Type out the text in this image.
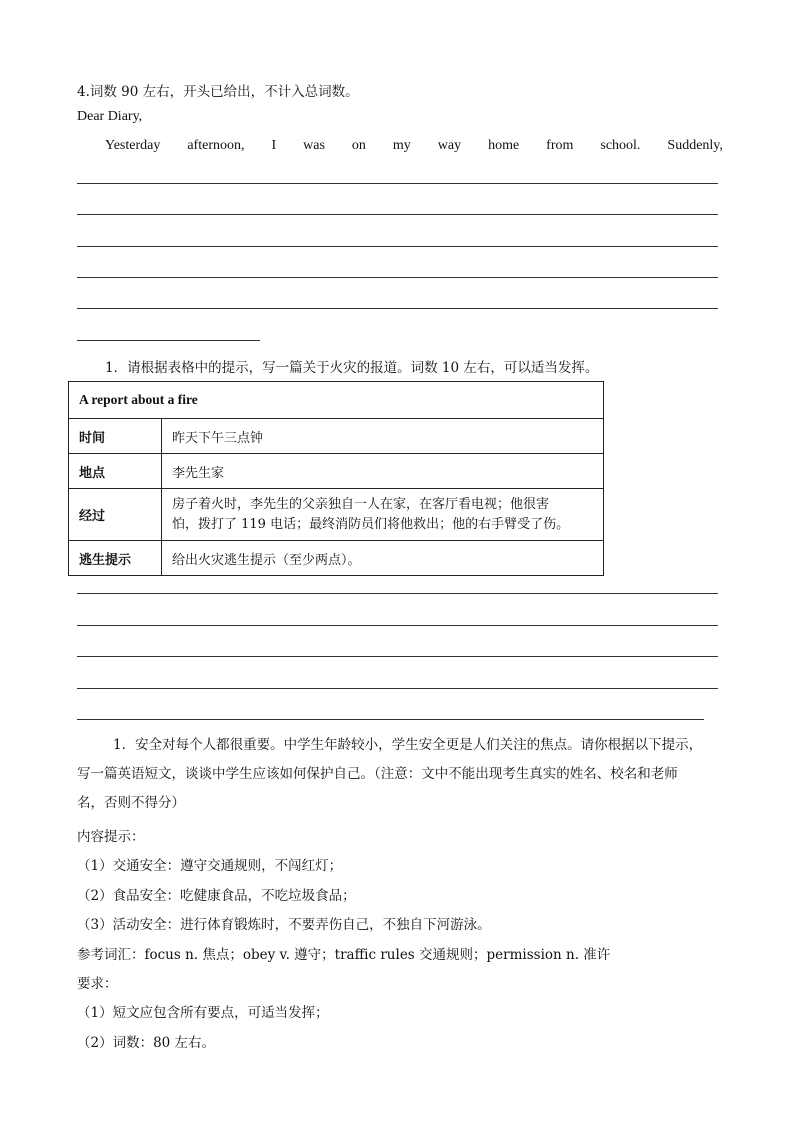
4.词数 90 左右，开头已给出，不计入总词数。
Dear Diary,
Yesterday afternoon, I was on my way home from school. Suddenly,
1．请根据表格中的提示，写一篇关于火灾的报道。词数 10 左右，可以适当发挥。
A report about a fire	
时间	昨天下午三点钟
地点	李先生家
经过	房子着火时，李先生的父亲独自一人在家，在客厅看电视；他很害
怕，拨打了 119 电话；最终消防员们将他救出；他的右手臂受了伤。

逃生提示	给出火灾逃生提示（至少两点）。
1．安全对每个人都很重要。中学生年龄较小，学生安全更是人们关注的焦点。请你根据以下提示，
写一篇英语短文，谈谈中学生应该如何保护自己。（注意：文中不能出现考生真实的姓名、校名和老师
名，否则不得分）
内容提示：
（1）交通安全：遵守交通规则，不闯红灯；
（2）食品安全：吃健康食品，不吃垃圾食品；
（3）活动安全：进行体育锻炼时，不要弄伤自己，不独自下河游泳。
参考词汇：focus n. 焦点；obey v. 遵守；traffic rules 交通规则；permission n. 准许
要求：
（1）短文应包含所有要点，可适当发挥；
（2）词数：80 左右。
